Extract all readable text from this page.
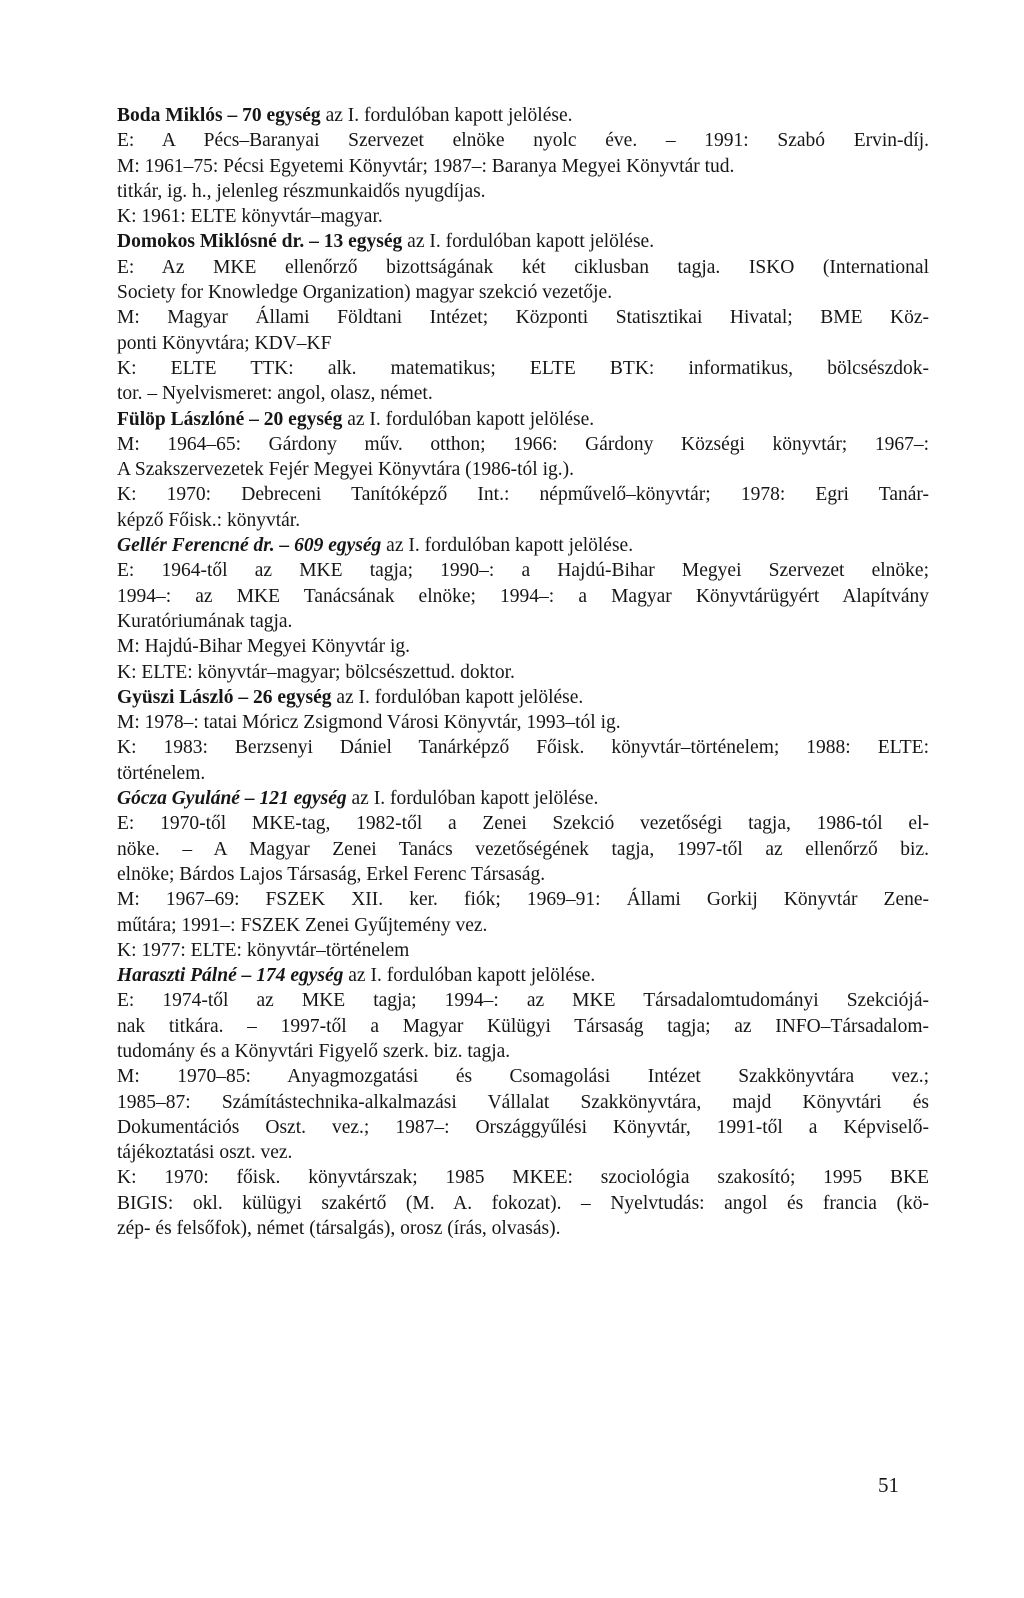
Boda Miklós – 70 egység az I. fordulóban kapott jelölése.
E: A Pécs–Baranyai Szervezet elnöke nyolc éve. – 1991: Szabó Ervin-díj.
M: 1961–75: Pécsi Egyetemi Könyvtár; 1987–: Baranya Megyei Könyvtár tud.
titkár, ig. h., jelenleg részmunkaidős nyugdíjas.
K: 1961: ELTE könyvtár–magyar.
Domokos Miklósné dr. – 13 egység az I. fordulóban kapott jelölése.
E: Az MKE ellenőrző bizottságának két ciklusban tagja. ISKO (International
Society for Knowledge Organization) magyar szekció vezetője.
M: Magyar Állami Földtani Intézet; Központi Statisztikai Hivatal; BME Köz-
ponti Könyvtára; KDV–KF
K: ELTE TTK: alk. matematikus; ELTE BTK: informatikus, bölcsészdok-
tor. – Nyelvismeret: angol, olasz, német.
Fülöp Lászlóné – 20 egység az I. fordulóban kapott jelölése.
M: 1964–65: Gárdony műv. otthon; 1966: Gárdony Községi könyvtár; 1967–:
A Szakszervezetek Fejér Megyei Könyvtára (1986-tól ig.).
K: 1970: Debreceni Tanítóképző Int.: népművelő–könyvtár; 1978: Egri Tanár-
képző Főisk.: könyvtár.
Gellér Ferencné dr. – 609 egység az I. fordulóban kapott jelölése.
E: 1964-től az MKE tagja; 1990–: a Hajdú-Bihar Megyei Szervezet elnöke;
1994–: az MKE Tanácsának elnöke; 1994–: a Magyar Könyvtárügyért Alapítvány
Kuratóriumának tagja.
M: Hajdú-Bihar Megyei Könyvtár ig.
K: ELTE: könyvtár–magyar; bölcsészettud. doktor.
Gyüszi László – 26 egység az I. fordulóban kapott jelölése.
M: 1978–: tatai Móricz Zsigmond Városi Könyvtár, 1993–tól ig.
K: 1983: Berzsenyi Dániel Tanárképző Főisk. könyvtár–történelem; 1988: ELTE:
történelem.
Gócza Gyuláné – 121 egység az I. fordulóban kapott jelölése.
E: 1970-től MKE-tag, 1982-től a Zenei Szekció vezetőségi tagja, 1986-tól el-
nöke. – A Magyar Zenei Tanács vezetőségének tagja, 1997-től az ellenőrző biz.
elnöke; Bárdos Lajos Társaság, Erkel Ferenc Társaság.
M: 1967–69: FSZEK XII. ker. fiók; 1969–91: Állami Gorkij Könyvtár Zene-
műtára; 1991–: FSZEK Zenei Gyűjtemény vez.
K: 1977: ELTE: könyvtár–történelem
Haraszti Pálné – 174 egység az I. fordulóban kapott jelölése.
E: 1974-től az MKE tagja; 1994–: az MKE Társadalomtudományi Szekciójá-
nak titkára. – 1997-től a Magyar Külügyi Társaság tagja; az INFO–Társadalom-
tudomány és a Könyvtári Figyelő szerk. biz. tagja.
M: 1970–85: Anyagmozgatási és Csomagolási Intézet Szakkönyvtára vez.;
1985–87: Számítástechnika-alkalmazási Vállalat Szakkönyvtára, majd Könyvtári és
Dokumentációs Oszt. vez.; 1987–: Országgyűlési Könyvtár, 1991-től a Képviselő-
tájékoztatási oszt. vez.
K: 1970: főisk. könyvtárszak; 1985 MKEE: szociológia szakosító; 1995 BKE
BIGIS: okl. külügyi szakértő (M. A. fokozat). – Nyelvtudás: angol és francia (kö-
zép- és felsőfok), német (társalgás), orosz (írás, olvasás).
51
